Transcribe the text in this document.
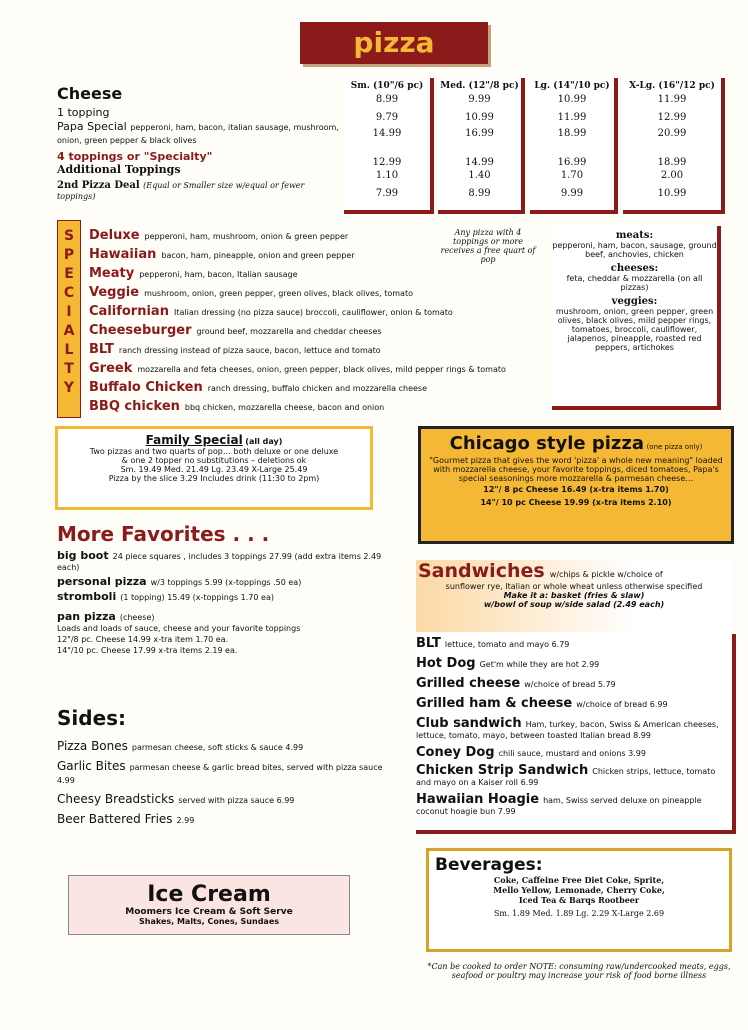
pizza
Cheese
1 topping
Papa Special pepperoni, ham, bacon, italian sausage, mushroom, onion, green pepper & black olives
4 toppings or "Specialty"
Additional Toppings
2nd Pizza Deal (Equal or Smaller size w/equal or fewer toppings)
Sm. (10"/6 pc)
8.99
9.79
14.99
12.99
1.10
7.99
Med. (12"/8 pc)
9.99
10.99
16.99
14.99
1.40
8.99
Lg. (14"/10 pc)
10.99
11.99
18.99
16.99
1.70
9.99
X-Lg. (16"/12 pc)
11.99
12.99
20.99
18.99
2.00
10.99
S
P
E
C
I
A
L
T
Y
Deluxe pepperoni, ham, mushroom, onion & green pepper
Hawaiian bacon, ham, pineapple, onion and green pepper
Meaty pepperoni, ham, bacon, Italian sausage
Veggie mushroom, onion, green pepper, green olives, black olives, tomato
Californian Italian dressing (no pizza sauce) broccoli, cauliflower, onion & tomato
Cheeseburger ground beef, mozzarella and cheddar cheeses
BLT ranch dressing instead of pizza sauce, bacon, lettuce and tomato
Greek mozzarella and feta cheeses, onion, green pepper, black olives, mild pepper rings & tomato
Buffalo Chicken ranch dressing, buffalo chicken and mozzarella cheese
BBQ chicken bbq chicken, mozzarella cheese, bacon and onion
Any pizza with 4 toppings or more receives a free quart of pop
meats:
pepperoni, ham, bacon, sausage, ground beef, anchovies, chicken
cheeses:
feta, cheddar & mozzarella (on all pizzas)
veggies:
mushroom, onion, green pepper, green olives, black olives, mild pepper rings, tomatoes, broccoli, cauliflower, jalapenos, pineapple, roasted red peppers, artichokes
Family Special (all day)
Two pizzas and two quarts of pop… both deluxe or one deluxe
& one 2 topper no substitutions – deletions ok
Sm. 19.49 Med. 21.49 Lg. 23.49 X-Large 25.49
Pizza by the slice 3.29 Includes drink (11:30 to 2pm)
Chicago style pizza (one pizza only)
"Gourmet pizza that gives the word 'pizza' a whole new meaning" loaded with mozzarella cheese, your favorite toppings, diced tomatoes, Papa's special seasonings more mozzarella & parmesan cheese…
12"/ 8 pc Cheese 16.49 (x-tra items 1.70)
14"/ 10 pc Cheese 19.99 (x-tra items 2.10)
More Favorites . . .
big boot 24 piece squares , includes 3 toppings 27.99 (add extra items 2.49 each)
personal pizza w/3 toppings 5.99 (x-toppings .50 ea)
stromboli (1 topping) 15.49 (x-toppings 1.70 ea)
pan pizza (cheese)
Loads and loads of sauce, cheese and your favorite toppings
12"/8 pc. Cheese 14.99 x-tra item 1.70 ea.
14"/10 pc. Cheese 17.99 x-tra items 2.19 ea.
Sides:
Pizza Bones parmesan cheese, soft sticks & sauce 4.99
Garlic Bites parmesan cheese & garlic bread bites, served with pizza sauce 4.99
Cheesy Breadsticks served with pizza sauce 6.99
Beer Battered Fries 2.99
Ice Cream
Moomers Ice Cream & Soft Serve
Shakes, Malts, Cones, Sundaes
Sandwiches w/chips & pickle w/choice of
sunflower rye, Italian or whole wheat unless otherwise specified
Make it a: basket (fries & slaw)
w/bowl of soup w/side salad (2.49 each)
BLT lettuce, tomato and mayo 6.79
Hot Dog Get'm while they are hot 2.99
Grilled cheese w/choice of bread 5.79
Grilled ham & cheese w/choice of bread 6.99
Club sandwich Ham, turkey, bacon, Swiss & American cheeses, lettuce, tomato, mayo, between toasted Italian bread 8.99
Coney Dog chili sauce, mustard and onions 3.99
Chicken Strip Sandwich Chicken strips, lettuce, tomato and mayo on a Kaiser roll 6.99
Hawaiian Hoagie ham, Swiss served deluxe on pineapple coconut hoagie bun 7.99
Beverages:
Coke, Caffeine Free Diet Coke, Sprite,
Mello Yellow, Lemonade, Cherry Coke,
Iced Tea & Barqs Rootbeer
Sm. 1.89 Med. 1.89 Lg. 2.29 X-Large 2.69
*Can be cooked to order NOTE: consuming raw/undercooked meats, eggs, seafood or poultry may increase your risk of food borne illness
